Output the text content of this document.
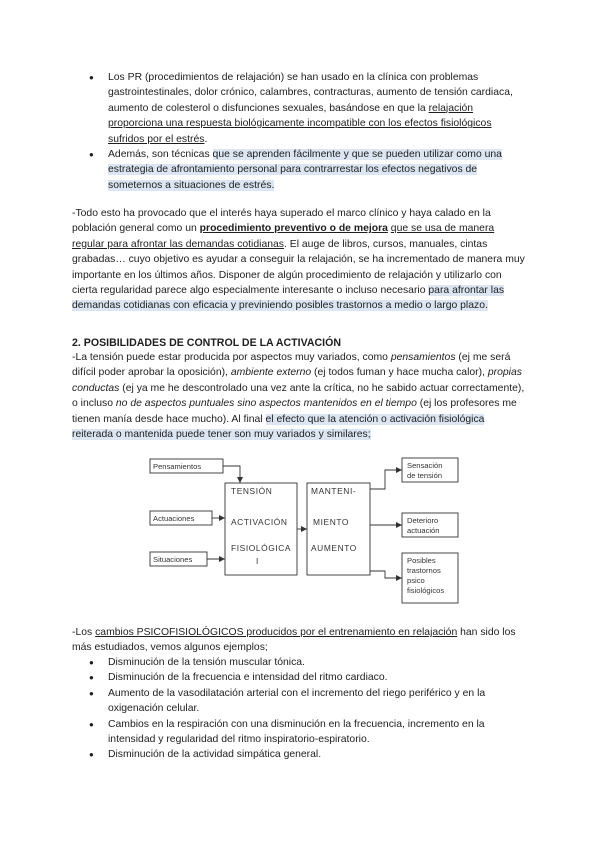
● Los PR (procedimientos de relajación) se han usado en la clínica con problemas gastrointestinales, dolor crónico, calambres, contracturas, aumento de tensión cardiaca, aumento de colesterol o disfunciones sexuales, basándose en que la relajación proporciona una respuesta biológicamente incompatible con los efectos fisiológicos sufridos por el estrés.
● Además, son técnicas que se aprenden fácilmente y que se pueden utilizar como una estrategia de afrontamiento personal para contrarrestar los efectos negativos de someternos a situaciones de estrés.
-Todo esto ha provocado que el interés haya superado el marco clínico y haya calado en la población general como un procedimiento preventivo o de mejora que se usa de manera regular para afrontar las demandas cotidianas. El auge de libros, cursos, manuales, cintas grabadas… cuyo objetivo es ayudar a conseguir la relajación, se ha incrementado de manera muy importante en los últimos años. Disponer de algún procedimiento de relajación y utilizarlo con cierta regularidad parece algo especialmente interesante o incluso necesario para afrontar las demandas cotidianas con eficacia y previniendo posibles trastornos a medio o largo plazo.
2. POSIBILIDADES DE CONTROL DE LA ACTIVACIÓN
-La tensión puede estar producida por aspectos muy variados, como pensamientos (ej me será difícil poder aprobar la oposición), ambiente externo (ej todos fuman y hace mucha calor), propias conductas (ej ya me he descontrolado una vez ante la crítica, no he sabido actuar correctamente), o incluso no de aspectos puntuales sino aspectos mantenidos en el tiempo (ej los profesores me tienen manía desde hace mucho). Al final el efecto que la atención o activación fisiológica reiterada o mantenida puede tener son muy variados y similares;
Pensamientos
Actuaciones
Situaciones
TENSIÓN
ACTIVACIÓN
FISIOLÓGICA
I
MANTENI-
MIENTO
AUMENTO
Sensación
de tensión
Deterioro
actuación
Posibles
trastornos
psico
fisiológicos
-Los cambios PSICOFISIOLÓGICOS producidos por el entrenamiento en relajación han sido los más estudiados, vemos algunos ejemplos;
● Disminución de la tensión muscular tónica.
● Disminución de la frecuencia e intensidad del ritmo cardiaco.
● Aumento de la vasodilatación arterial con el incremento del riego periférico y en la oxigenación celular.
● Cambios en la respiración con una disminución en la frecuencia, incremento en la intensidad y regularidad del ritmo inspiratorio-espiratorio.
● Disminución de la actividad simpática general.
